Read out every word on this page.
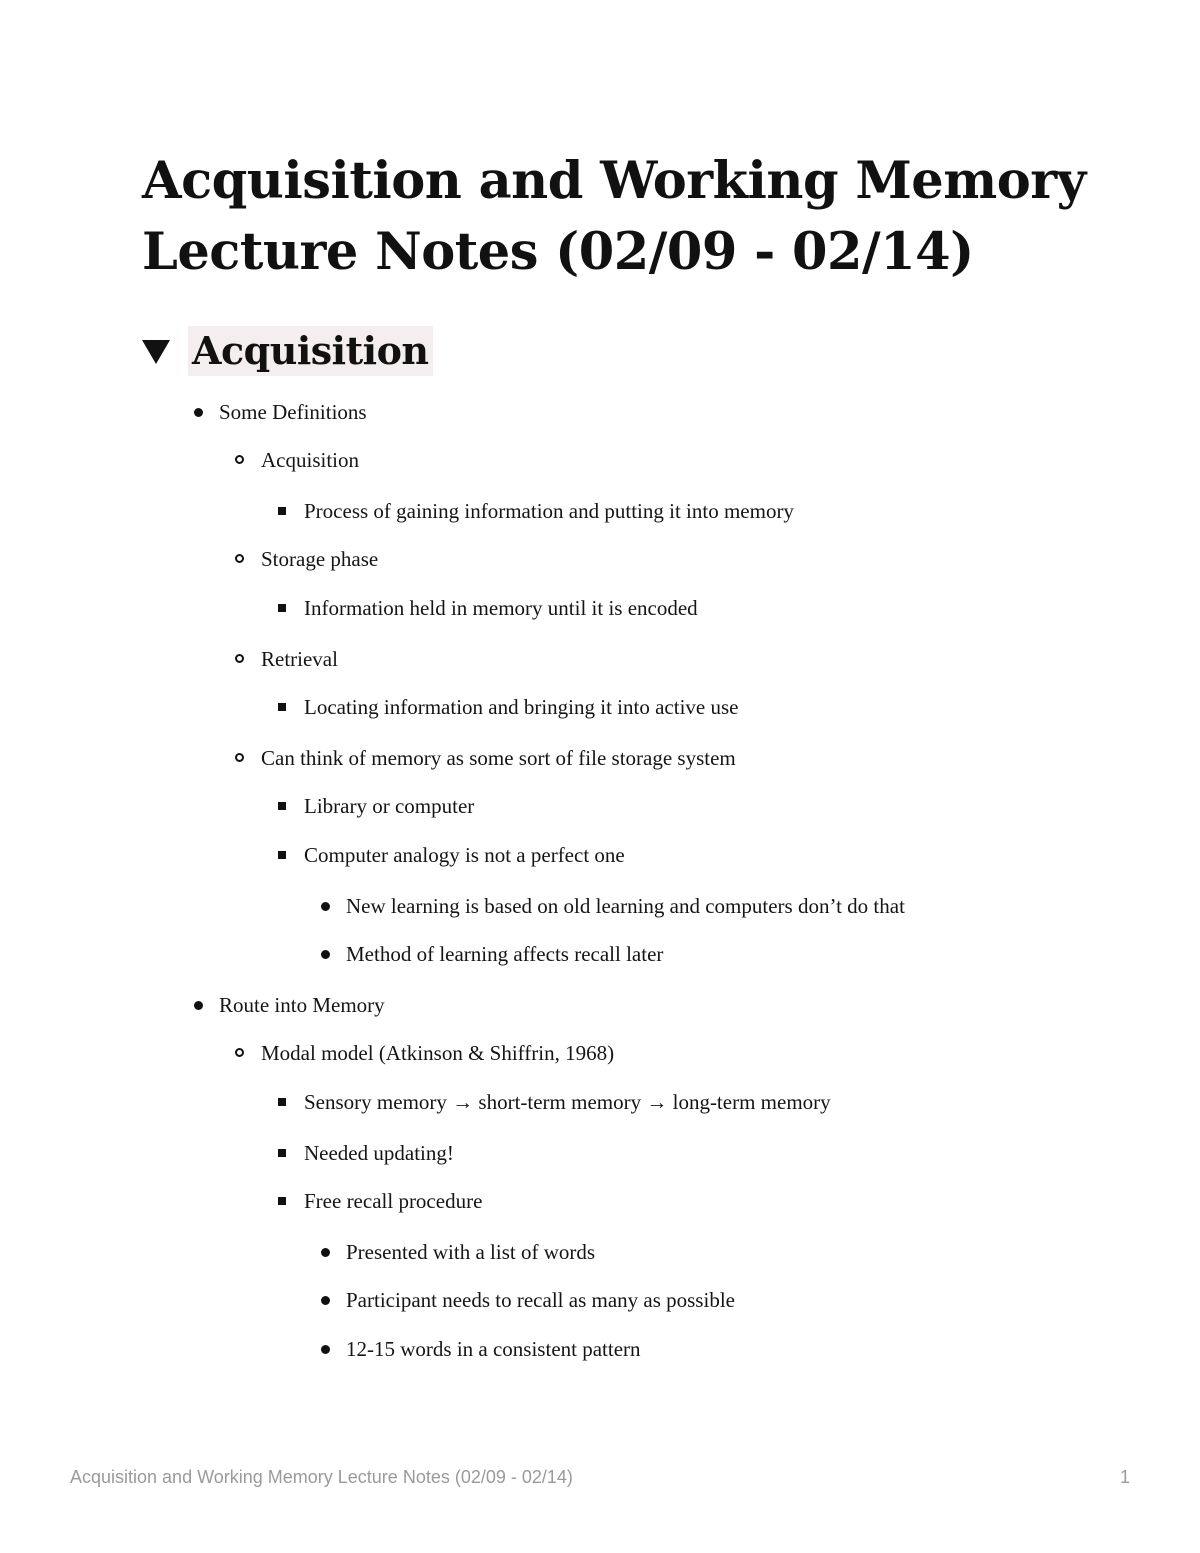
Acquisition and Working Memory Lecture Notes (02/09 - 02/14)
Acquisition
Some Definitions
Acquisition
Process of gaining information and putting it into memory
Storage phase
Information held in memory until it is encoded
Retrieval
Locating information and bringing it into active use
Can think of memory as some sort of file storage system
Library or computer
Computer analogy is not a perfect one
New learning is based on old learning and computers don’t do that
Method of learning affects recall later
Route into Memory
Modal model (Atkinson & Shiffrin, 1968)
Sensory memory → short-term memory → long-term memory
Needed updating!
Free recall procedure
Presented with a list of words
Participant needs to recall as many as possible
12-15 words in a consistent pattern
Acquisition and Working Memory Lecture Notes (02/09 - 02/14)	1
